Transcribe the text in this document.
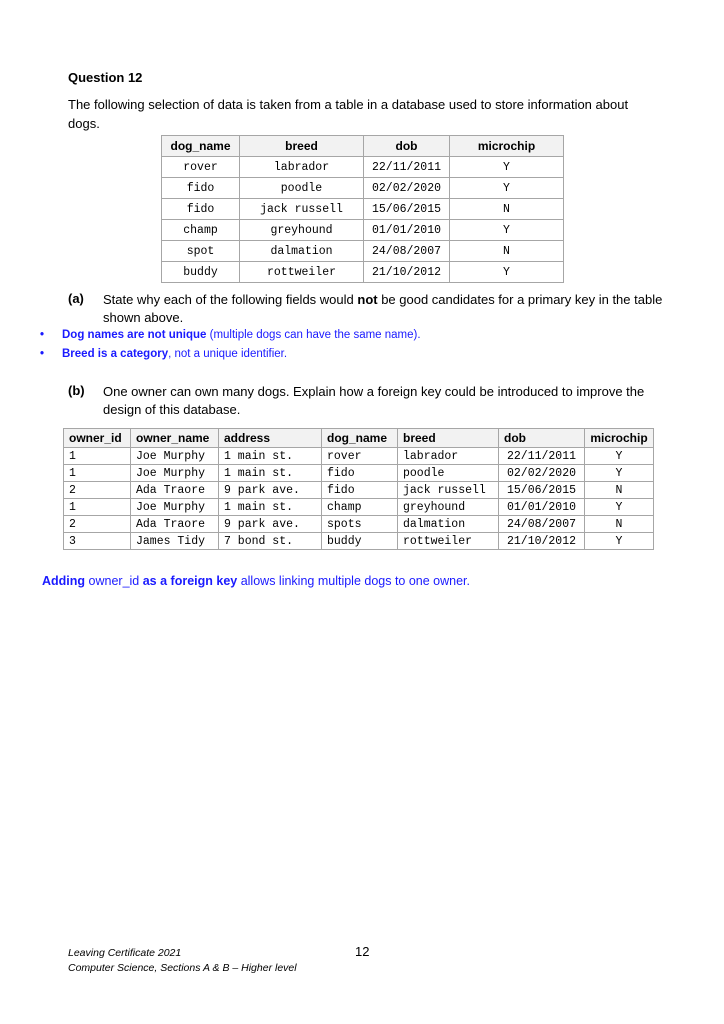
Question 12
The following selection of data is taken from a table in a database used to store information about dogs.
dog_name	breed	dob	microchip
rover	labrador	22/11/2011	Y
fido	poodle	02/02/2020	Y
fido	jack russell	15/06/2015	N
champ	greyhound	01/01/2010	Y
spot	dalmation	24/08/2007	N
buddy	rottweiler	21/10/2012	Y
(a) State why each of the following fields would not be good candidates for a primary key in the table shown above.
• Dog names are not unique (multiple dogs can have the same name).
• Breed is a category, not a unique identifier.
(b) One owner can own many dogs. Explain how a foreign key could be introduced to improve the design of this database.
owner_id	owner_name	address	dog_name	breed	dob	microchip
1	Joe Murphy	1 main st.	rover	labrador	22/11/2011	Y
1	Joe Murphy	1 main st.	fido	poodle	02/02/2020	Y
2	Ada Traore	9 park ave.	fido	jack russell	15/06/2015	N
1	Joe Murphy	1 main st.	champ	greyhound	01/01/2010	Y
2	Ada Traore	9 park ave.	spots	dalmation	24/08/2007	N
3	James Tidy	7 bond st.	buddy	rottweiler	21/10/2012	Y
Adding owner_id as a foreign key allows linking multiple dogs to one owner.
Leaving Certificate 2021
Computer Science, Sections A & B – Higher level
12
